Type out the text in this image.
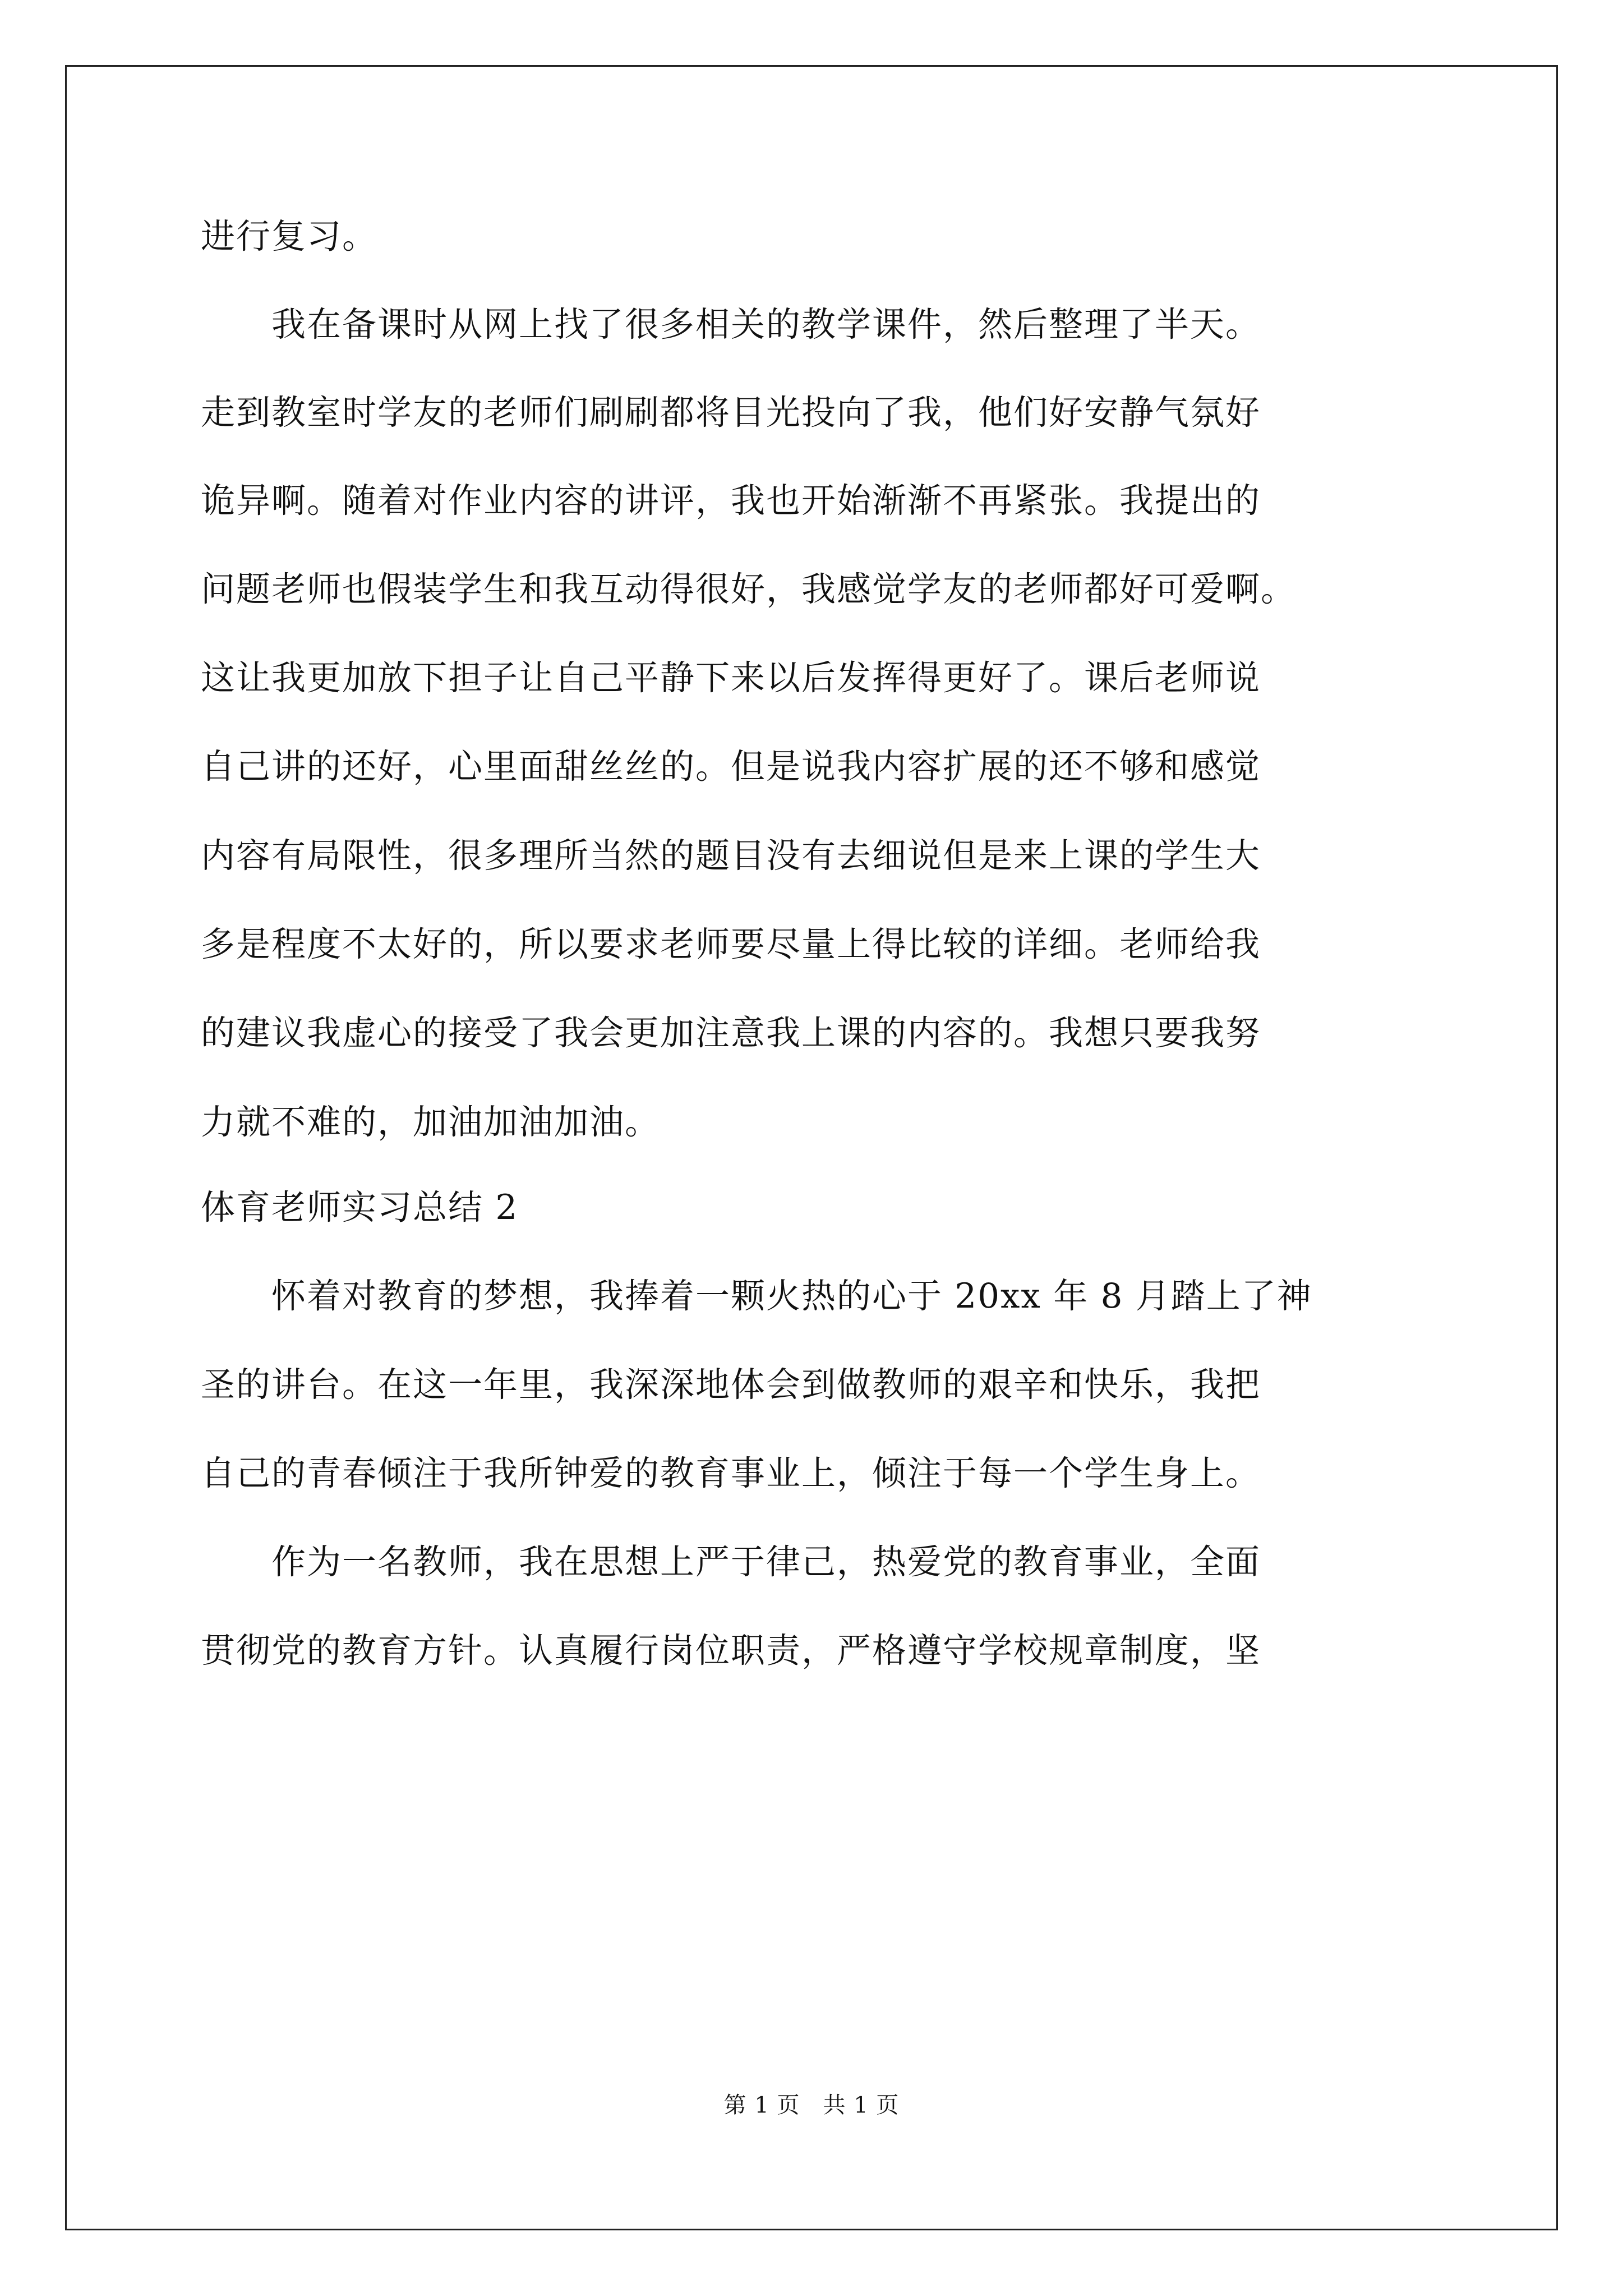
进行复习。
　　我在备课时从网上找了很多相关的教学课件，然后整理了半天。
走到教室时学友的老师们刷刷都将目光投向了我，他们好安静气氛好
诡异啊。随着对作业内容的讲评，我也开始渐渐不再紧张。我提出的
问题老师也假装学生和我互动得很好，我感觉学友的老师都好可爱啊。
这让我更加放下担子让自己平静下来以后发挥得更好了。课后老师说
自己讲的还好，心里面甜丝丝的。但是说我内容扩展的还不够和感觉
内容有局限性，很多理所当然的题目没有去细说但是来上课的学生大
多是程度不太好的，所以要求老师要尽量上得比较的详细。老师给我
的建议我虚心的接受了我会更加注意我上课的内容的。我想只要我努
力就不难的，加油加油加油。
体育老师实习总结 2
　　怀着对教育的梦想，我捧着一颗火热的心于 20xx 年 8 月踏上了神
圣的讲台。在这一年里，我深深地体会到做教师的艰辛和快乐，我把
自己的青春倾注于我所钟爱的教育事业上，倾注于每一个学生身上。
　　作为一名教师，我在思想上严于律己，热爱党的教育事业，全面
贯彻党的教育方针。认真履行岗位职责，严格遵守学校规章制度，坚
第 1 页　共 1 页
